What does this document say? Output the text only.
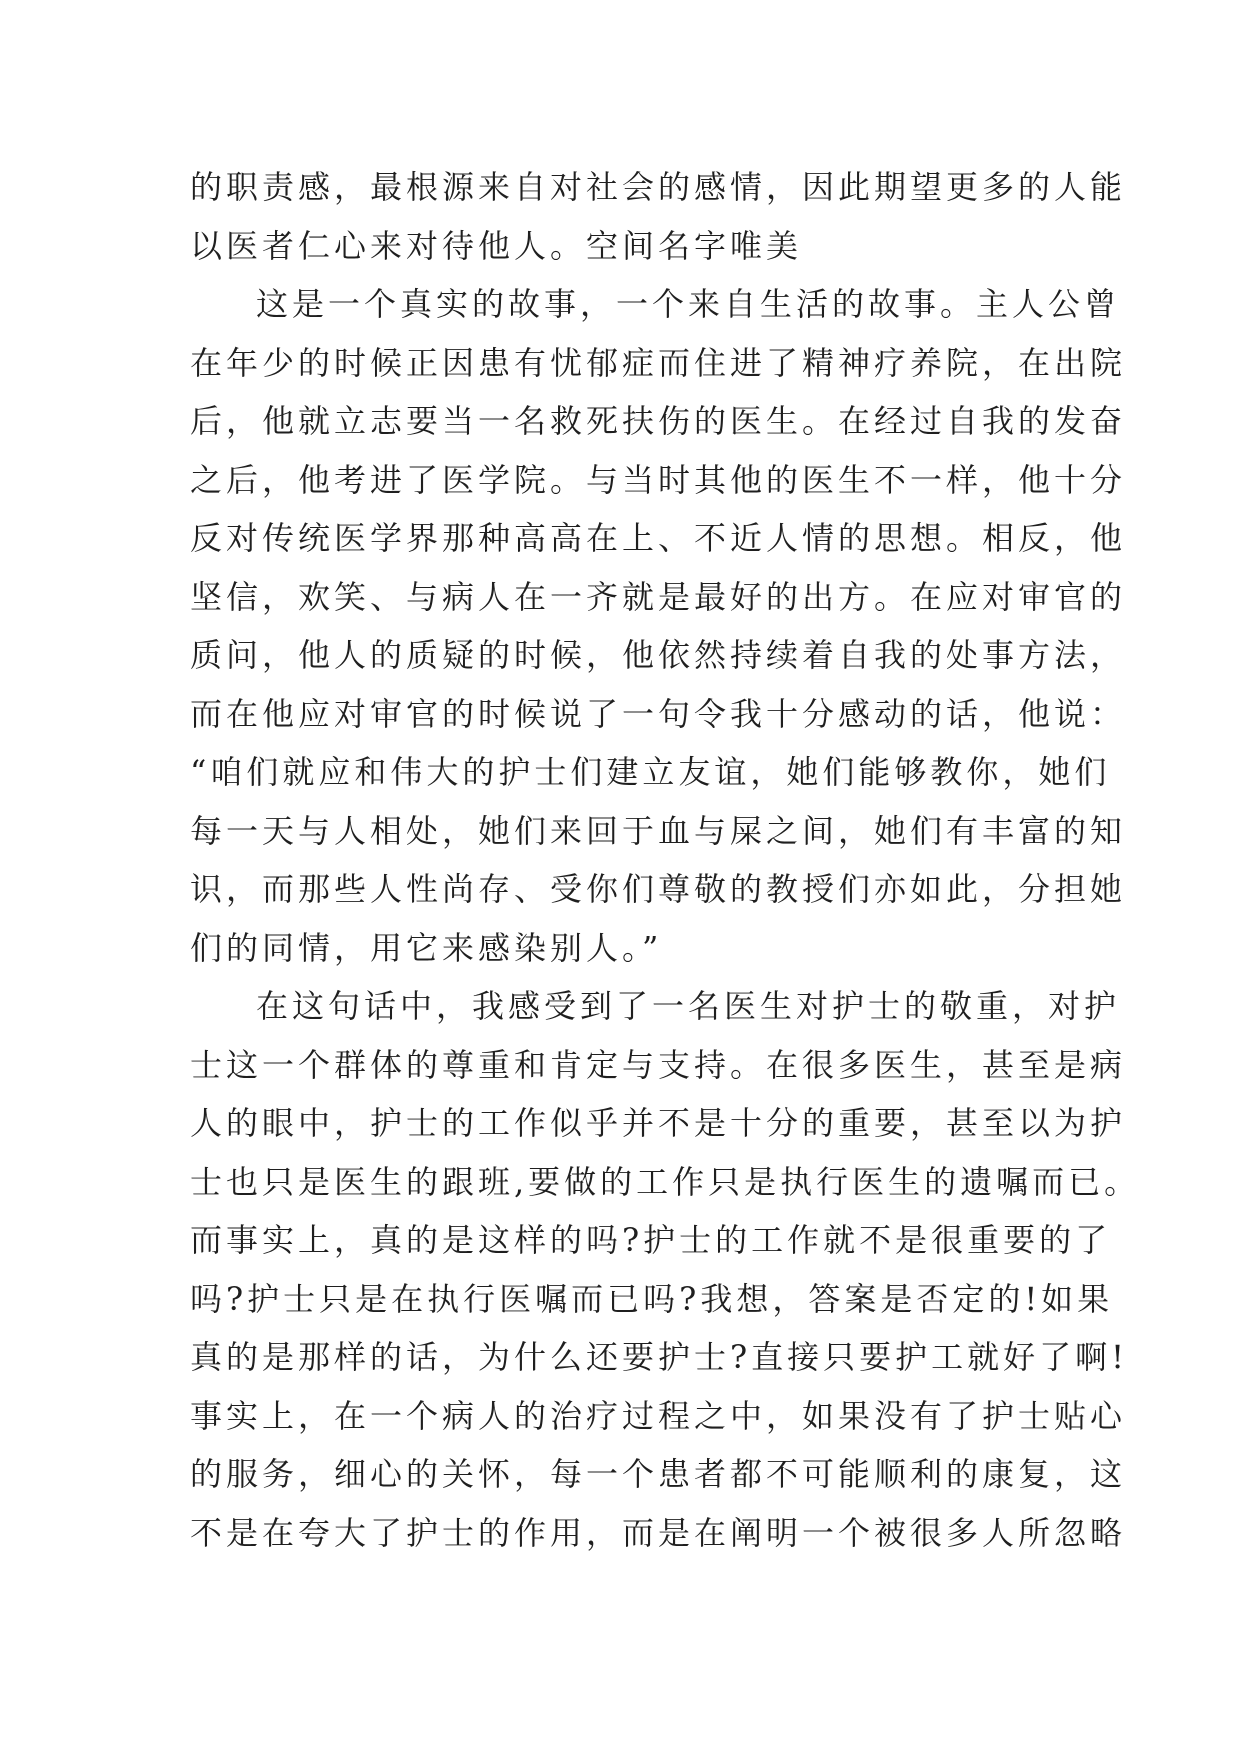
的职责感，最根源来自对社会的感情，因此期望更多的人能
以医者仁心来对待他人。空间名字唯美
这是一个真实的故事，一个来自生活的故事。主人公曾
在年少的时候正因患有忧郁症而住进了精神疗养院，在出院
后，他就立志要当一名救死扶伤的医生。在经过自我的发奋
之后，他考进了医学院。与当时其他的医生不一样，他十分
反对传统医学界那种高高在上、不近人情的思想。相反，他
坚信，欢笑、与病人在一齐就是最好的出方。在应对审官的
质问，他人的质疑的时候，他依然持续着自我的处事方法，
而在他应对审官的时候说了一句令我十分感动的话，他说：
“咱们就应和伟大的护士们建立友谊，她们能够教你，她们
每一天与人相处，她们来回于血与屎之间，她们有丰富的知
识，而那些人性尚存、受你们尊敬的教授们亦如此，分担她
们的同情，用它来感染别人。”
在这句话中，我感受到了一名医生对护士的敬重，对护
士这一个群体的尊重和肯定与支持。在很多医生，甚至是病
人的眼中，护士的工作似乎并不是十分的重要，甚至以为护
士也只是医生的跟班,要做的工作只是执行医生的遗嘱而已。
而事实上，真的是这样的吗?护士的工作就不是很重要的了
吗?护士只是在执行医嘱而已吗?我想，答案是否定的!如果
真的是那样的话，为什么还要护士?直接只要护工就好了啊!
事实上，在一个病人的治疗过程之中，如果没有了护士贴心
的服务，细心的关怀，每一个患者都不可能顺利的康复，这
不是在夸大了护士的作用，而是在阐明一个被很多人所忽略
